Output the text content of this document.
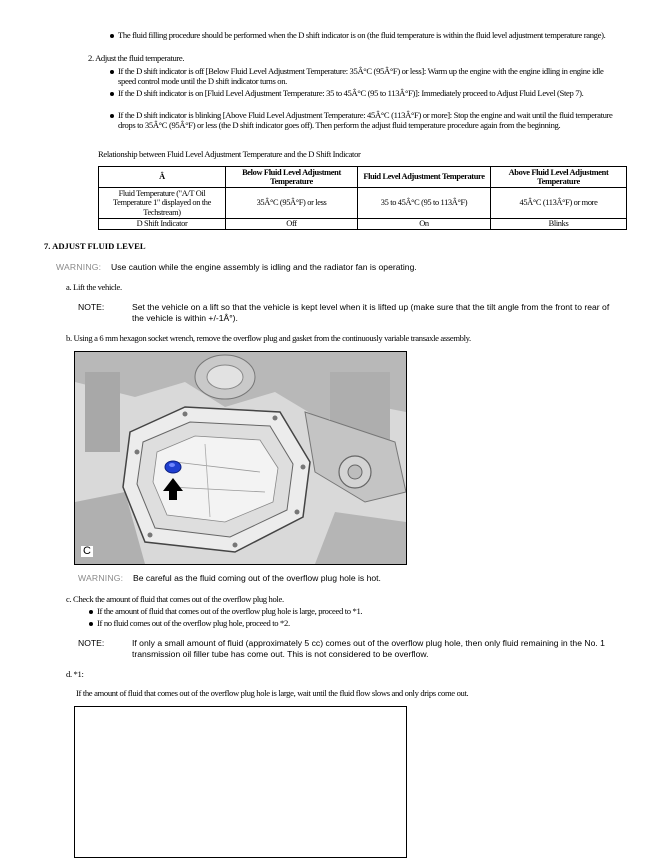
The fluid filling procedure should be performed when the D shift indicator is on (the fluid temperature is within the fluid level adjustment temperature range).
2. Adjust the fluid temperature.
If the D shift indicator is off [Below Fluid Level Adjustment Temperature: 35Â°C (95Â°F) or less]: Warm up the engine with the engine idling in engine idle speed control mode until the D shift indicator turns on.
If the D shift indicator is on [Fluid Level Adjustment Temperature: 35 to 45Â°C (95 to 113Â°F)]: Immediately proceed to Adjust Fluid Level (Step 7).
If the D shift indicator is blinking [Above Fluid Level Adjustment Temperature: 45Â°C (113Â°F) or more]: Stop the engine and wait until the fluid temperature drops to 35Â°C (95Â°F) or less (the D shift indicator goes off). Then perform the adjust fluid temperature procedure again from the beginning.
Relationship between Fluid Level Adjustment Temperature and the D Shift Indicator
Â	Below Fluid Level Adjustment Temperature	Fluid Level Adjustment Temperature	Above Fluid Level Adjustment Temperature
Fluid Temperature ("A/T Oil Temperature 1" displayed on the Techstream)	35Â°C (95Â°F) or less	35 to 45Â°C (95 to 113Â°F)	45Â°C (113Â°F) or more
D Shift Indicator	Off	On	Blinks
7. ADJUST FLUID LEVEL
WARNING: Use caution while the engine assembly is idling and the radiator fan is operating.
a. Lift the vehicle.
NOTE:	Set the vehicle on a lift so that the vehicle is kept level when it is lifted up (make sure that the tilt angle from the front to rear of the vehicle is within +/-1Â°).
b. Using a 6 mm hexagon socket wrench, remove the overflow plug and gasket from the continuously variable transaxle assembly.
C
WARNING: Be careful as the fluid coming out of the overflow plug hole is hot.
c. Check the amount of fluid that comes out of the overflow plug hole.
If the amount of fluid that comes out of the overflow plug hole is large, proceed to *1.
If no fluid comes out of the overflow plug hole, proceed to *2.
NOTE:	If only a small amount of fluid (approximately 5 cc) comes out of the overflow plug hole, then only fluid remaining in the No. 1 transmission oil filler tube has come out. This is not considered to be overflow.
d. *1:
If the amount of fluid that comes out of the overflow plug hole is large, wait until the fluid flow slows and only drips come out.
